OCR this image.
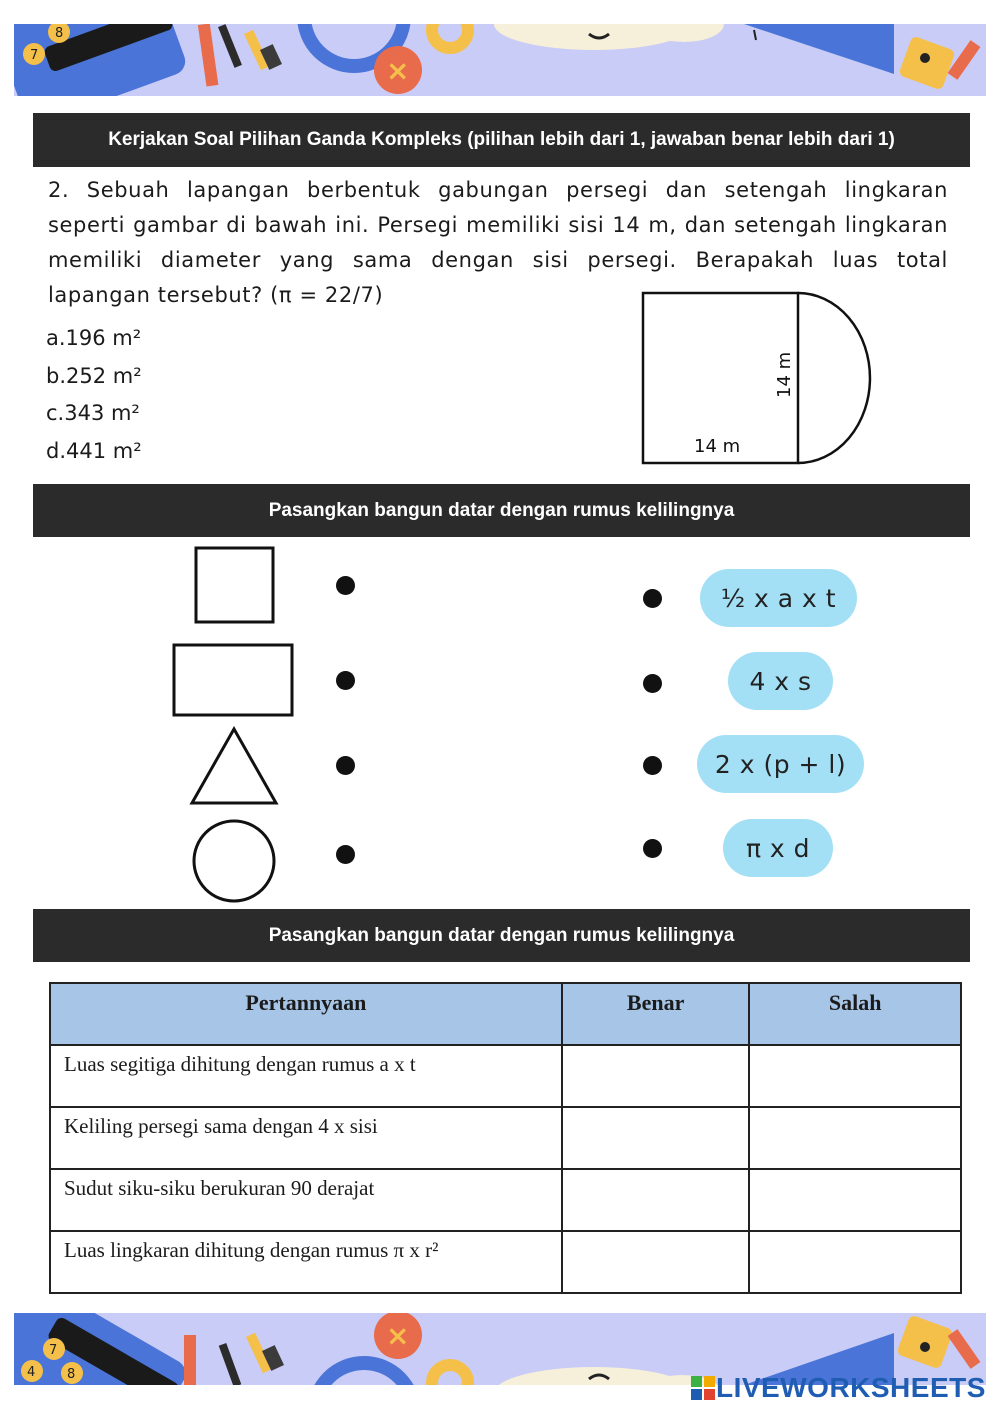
7
8
×
Kerjakan Soal Pilihan Ganda Kompleks (pilihan lebih dari 1, jawaban benar lebih dari 1)
2. Sebuah lapangan berbentuk gabungan persegi dan setengah lingkaran seperti gambar di bawah ini. Persegi memiliki sisi 14 m, dan setengah lingkaran memiliki diameter yang sama dengan sisi persegi. Berapakah luas total lapangan tersebut? (π = 22/7)
a.196 m²
b.252 m²
c.343 m²
d.441 m²
14 m
14 m
Pasangkan bangun datar dengan rumus kelilingnya
½ x a x t
4 x s
2 x (p + l)
π x d
Pasangkan bangun datar dengan rumus kelilingnya
Pertannyaan	Benar	Salah
Luas segitiga dihitung dengan rumus a x t		
Keliling persegi sama dengan 4 x sisi		
Sudut siku-siku berukuran 90 derajat		
Luas lingkaran dihitung dengan rumus π x r²		
4
7
8
×
LIVEWORKSHEETS
